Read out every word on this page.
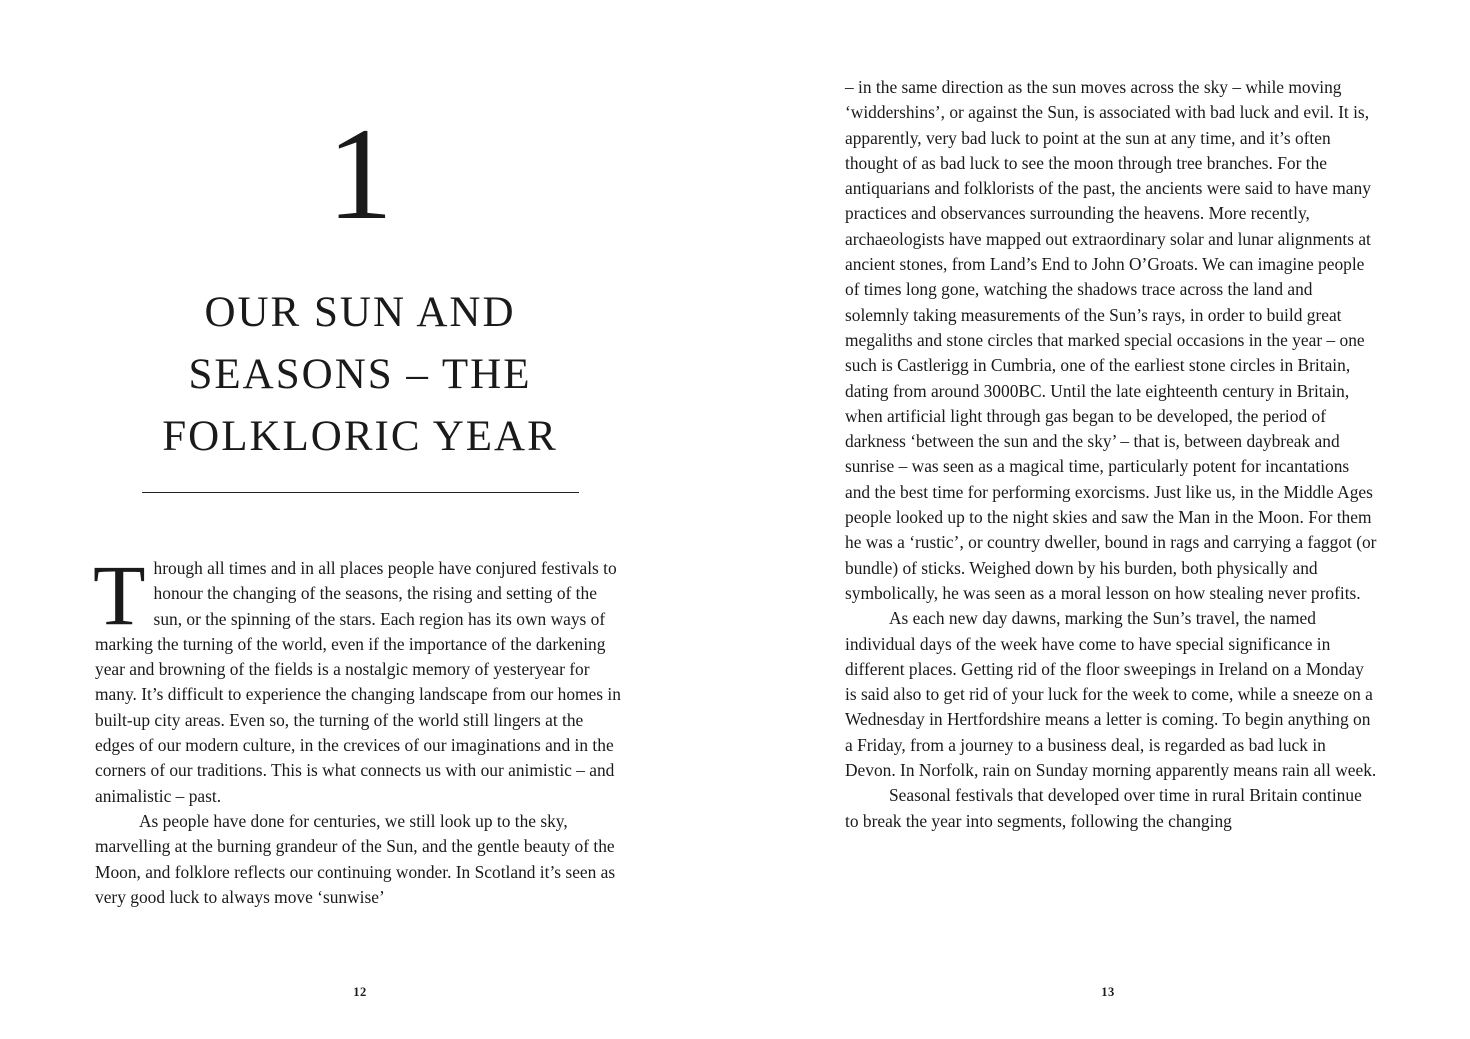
1
OUR SUN AND SEASONS – THE FOLKLORIC YEAR

Through all times and in all places people have conjured festivals to honour the changing of the seasons, the rising and setting of the sun, or the spinning of the stars. Each region has its own ways of marking the turning of the world, even if the importance of the darkening year and browning of the fields is a nostalgic memory of yesteryear for many. It’s difficult to experience the changing landscape from our homes in built-up city areas. Even so, the turning of the world still lingers at the edges of our modern culture, in the crevices of our imaginations and in the corners of our traditions. This is what connects us with our animistic – and animalistic – past.

As people have done for centuries, we still look up to the sky, marvelling at the burning grandeur of the Sun, and the gentle beauty of the Moon, and folklore reflects our continuing wonder. In Scotland it’s seen as very good luck to always move ‘sunwise’

12

– in the same direction as the sun moves across the sky – while moving ‘widdershins’, or against the Sun, is associated with bad luck and evil. It is, apparently, very bad luck to point at the sun at any time, and it’s often thought of as bad luck to see the moon through tree branches. For the antiquarians and folklorists of the past, the ancients were said to have many practices and observances surrounding the heavens. More recently, archaeologists have mapped out extraordinary solar and lunar alignments at ancient stones, from Land’s End to John O’Groats. We can imagine people of times long gone, watching the shadows trace across the land and solemnly taking measurements of the Sun’s rays, in order to build great megaliths and stone circles that marked special occasions in the year – one such is Castlerigg in Cumbria, one of the earliest stone circles in Britain, dating from around 3000BC. Until the late eighteenth century in Britain, when artificial light through gas began to be developed, the period of darkness ‘between the sun and the sky’ – that is, between daybreak and sunrise – was seen as a magical time, particularly potent for incantations and the best time for performing exorcisms. Just like us, in the Middle Ages people looked up to the night skies and saw the Man in the Moon. For them he was a ‘rustic’, or country dweller, bound in rags and carrying a faggot (or bundle) of sticks. Weighed down by his burden, both physically and symbolically, he was seen as a moral lesson on how stealing never profits.

As each new day dawns, marking the Sun’s travel, the named individual days of the week have come to have special significance in different places. Getting rid of the floor sweepings in Ireland on a Monday is said also to get rid of your luck for the week to come, while a sneeze on a Wednesday in Hertfordshire means a letter is coming. To begin anything on a Friday, from a journey to a business deal, is regarded as bad luck in Devon. In Norfolk, rain on Sunday morning apparently means rain all week.

Seasonal festivals that developed over time in rural Britain continue to break the year into segments, following the changing

13
